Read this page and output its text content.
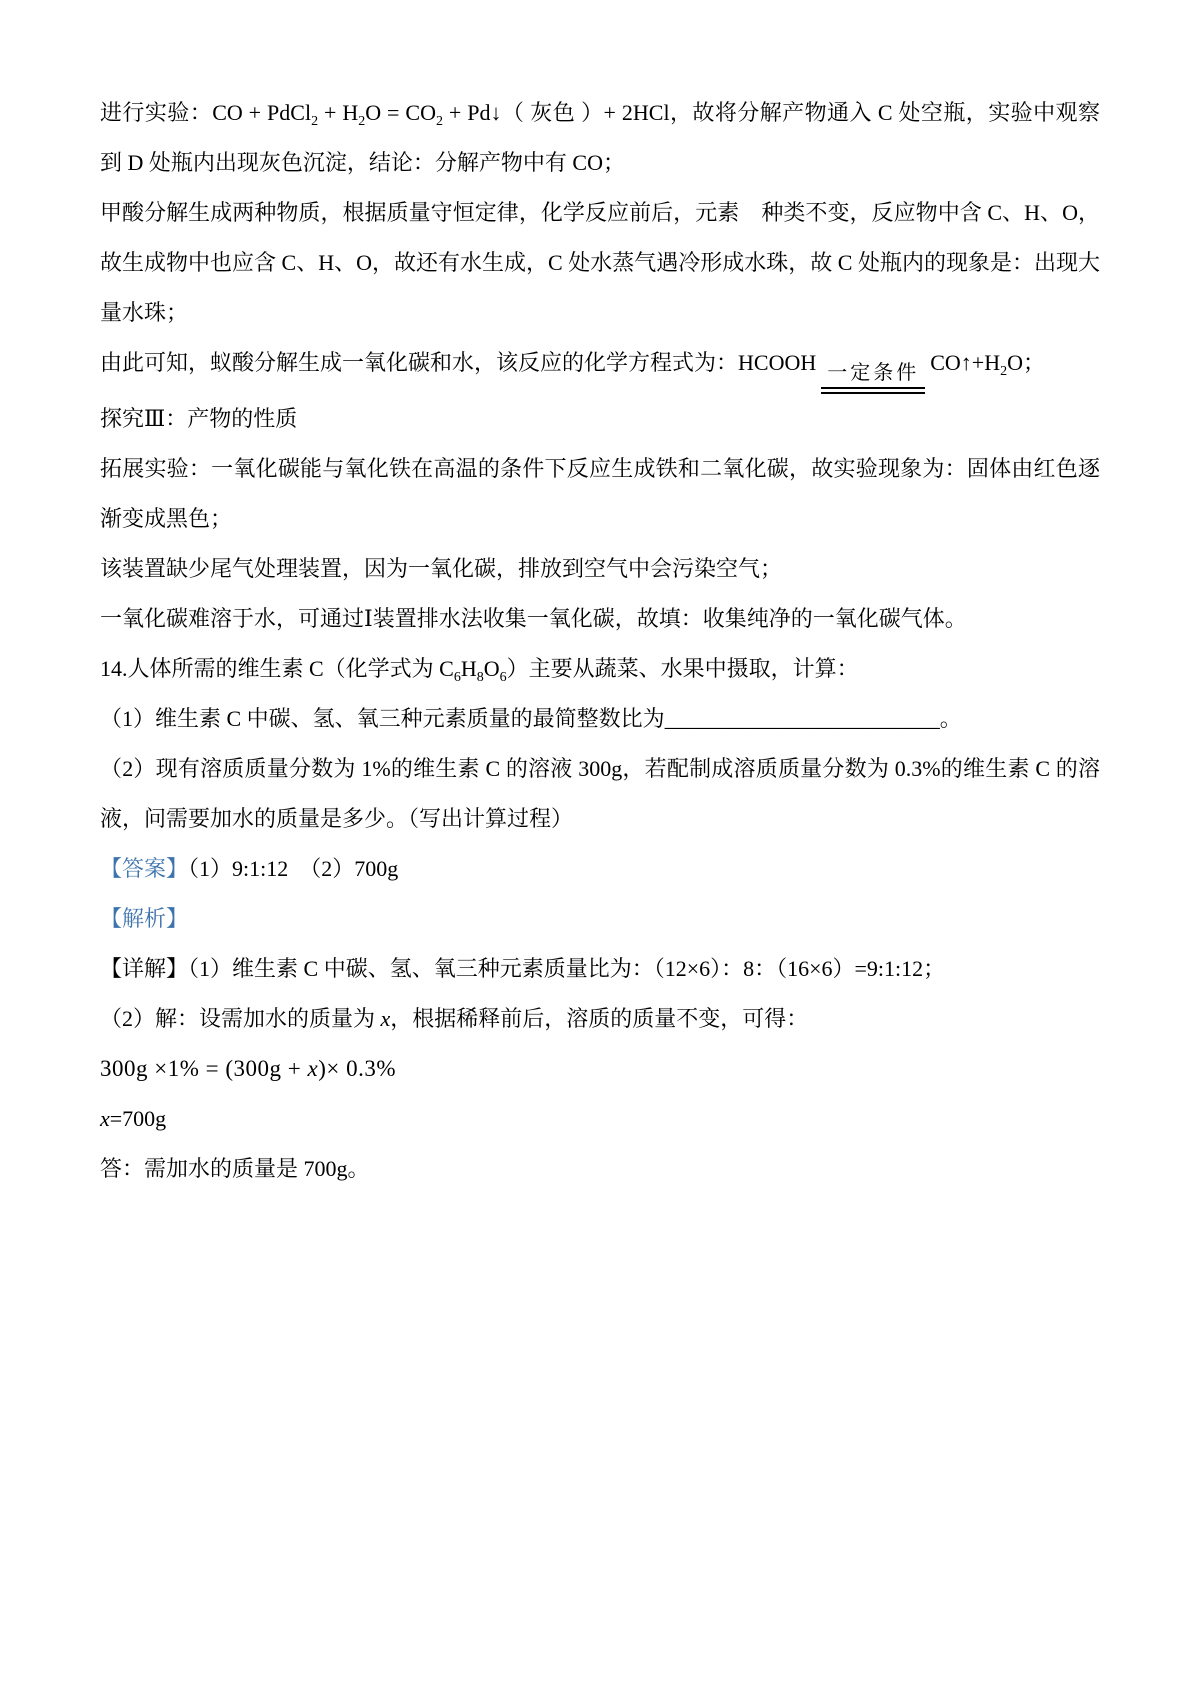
进行实验：CO + PdCl$_2$ + $H_2O = CO_2$ + Pd↓（ 灰色 ）+ 2HCl，故将分解产物通入 C 处空瓶，实验中观察到 D 处瓶内出现灰色沉淀，结论：分解产物中有 CO；

甲酸分解生成两种物质，根据质量守恒定律，化学反应前后，元素　种类不变，反应物中含 C、H、O，故生成物中也应含 C、H、O，故还有水生成，C 处水蒸气遇冷形成水珠，故 C 处瓶内的现象是：出现大量水珠；

由此可知，蚁酸分解生成一氧化碳和水，该反应的化学方程式为：HCOOH 一定条件 $CO↑+H_2O$；

探究Ⅲ：产物的性质

拓展实验：一氧化碳能与氧化铁在高温的条件下反应生成铁和二氧化碳，故实验现象为：固体由红色逐渐变成黑色；

该装置缺少尾气处理装置，因为一氧化碳，排放到空气中会污染空气；

一氧化碳难溶于水，可通过Ⅰ装置排水法收集一氧化碳，故填：收集纯净的一氧化碳气体。

14.人体所需的维生素 C（化学式为 $C_6H_8O_6$）主要从蔬菜、水果中摄取，计算：

（1）维生素 C 中碳、氢、氧三种元素质量的最简整数比为_________________________。

（2）现有溶质质量分数为 1%的维生素 C 的溶液 300g，若配制成溶质质量分数为 0.3%的维生素 C 的溶液，问需要加水的质量是多少。（写出计算过程）

【答案】（1）9:1:12　（2）700g

【解析】

【详解】（1）维生素 C 中碳、氢、氧三种元素质量比为：（12×6）：8：（16×6）=9:1:12；

（2）解：设需加水的质量为 x，根据稀释前后，溶质的质量不变，可得：

300g ×1% = (300g + x)× 0.3%

x=700g

答：需加水的质量是 700g。
